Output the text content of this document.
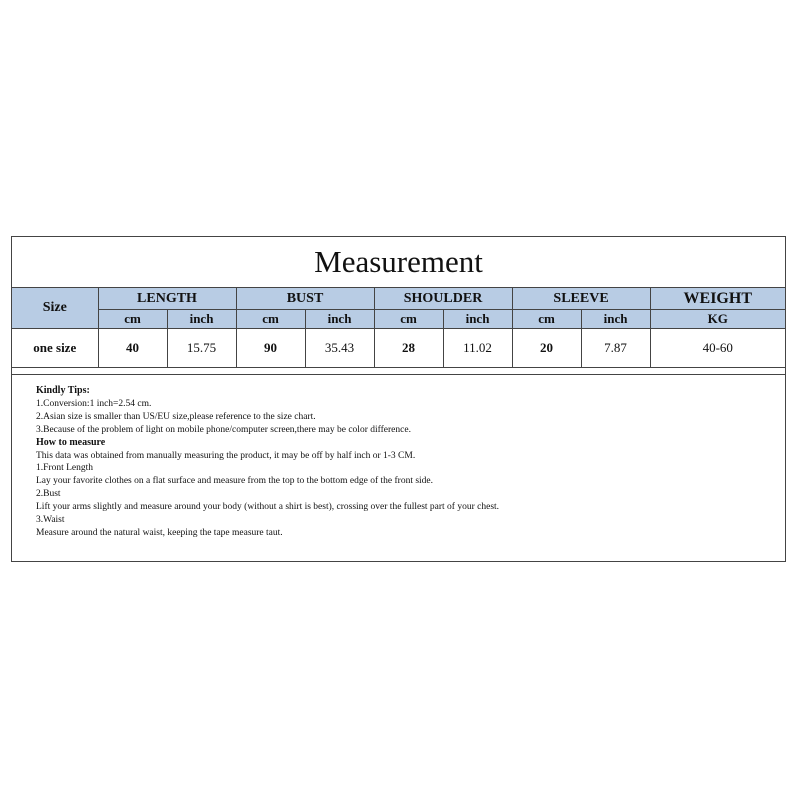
Measurement
Size	LENGTH		BUST		SHOULDER		SLEEVE		WEIGHT
	cm	inch	cm	inch	cm	inch	cm	inch	KG
one size	40	15.75	90	35.43	28	11.02	20	7.87	40-60
Kindly Tips:
1.Conversion:1 inch=2.54 cm.
2.Asian size is smaller than US/EU size,please reference to the size chart.
3.Because of the problem of light on mobile phone/computer screen,there may be color difference.
How to measure
This data was obtained from manually measuring the product, it may be off by half inch or 1-3 CM.
1.Front Length
Lay your favorite clothes on a flat surface and measure from the top to the bottom edge of the front side.
2.Bust
Lift your arms slightly and measure around your body (without a shirt is best), crossing over the fullest part of your chest.
3.Waist
Measure around the natural waist, keeping the tape measure taut.
